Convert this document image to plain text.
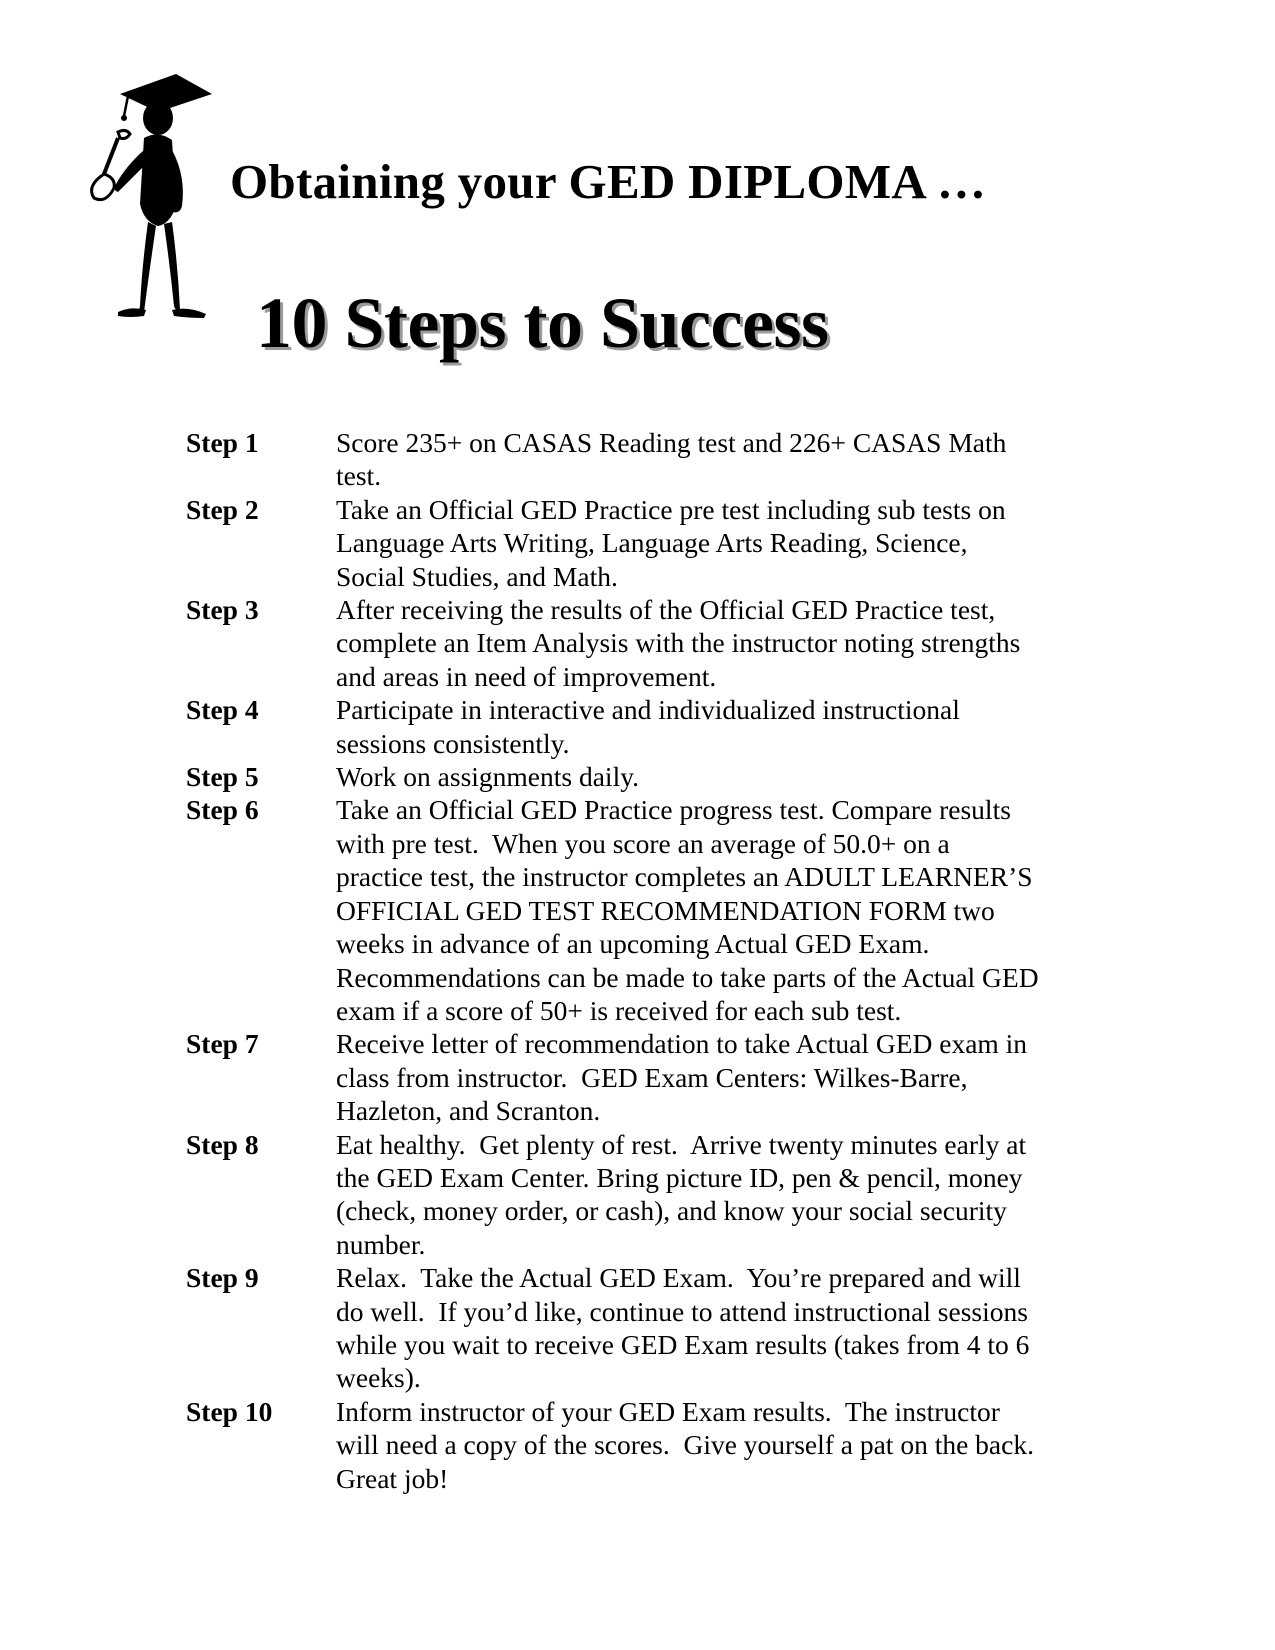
Obtaining your GED DIPLOMA …
10 Steps to Success
Step 1	Score 235+ on CASAS Reading test and 226+ CASAS Math
test.
Step 2	Take an Official GED Practice pre test including sub tests on
Language Arts Writing, Language Arts Reading, Science,
Social Studies, and Math.
Step 3	After receiving the results of the Official GED Practice test,
complete an Item Analysis with the instructor noting strengths
and areas in need of improvement.
Step 4	Participate in interactive and individualized instructional
sessions consistently.
Step 5	Work on assignments daily.
Step 6	Take an Official GED Practice progress test. Compare results
with pre test.  When you score an average of 50.0+ on a
practice test, the instructor completes an ADULT LEARNER’S
OFFICIAL GED TEST RECOMMENDATION FORM two
weeks in advance of an upcoming Actual GED Exam.
Recommendations can be made to take parts of the Actual GED
exam if a score of 50+ is received for each sub test.
Step 7	Receive letter of recommendation to take Actual GED exam in
class from instructor.  GED Exam Centers: Wilkes-Barre,
Hazleton, and Scranton.
Step 8	Eat healthy.  Get plenty of rest.  Arrive twenty minutes early at
the GED Exam Center. Bring picture ID, pen & pencil, money
(check, money order, or cash), and know your social security
number.
Step 9	Relax.  Take the Actual GED Exam.  You’re prepared and will
do well.  If you’d like, continue to attend instructional sessions
while you wait to receive GED Exam results (takes from 4 to 6
weeks).
Step 10	Inform instructor of your GED Exam results.  The instructor
will need a copy of the scores.  Give yourself a pat on the back.
Great job!
